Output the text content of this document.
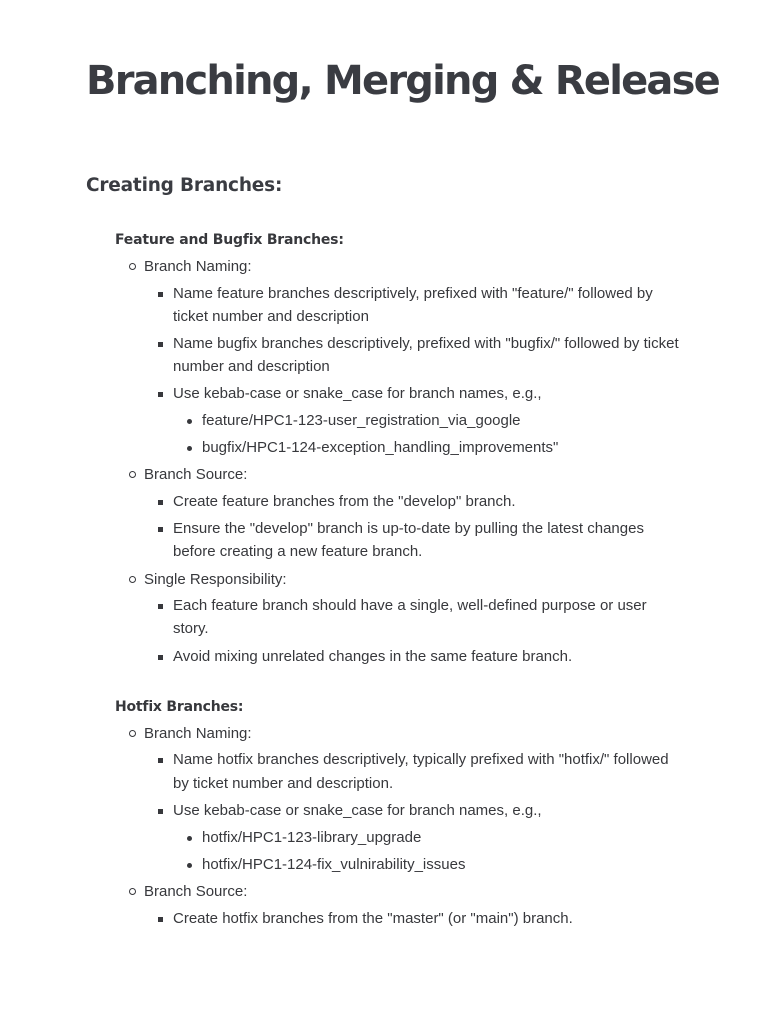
Branching, Merging & Release
Creating Branches:
Feature and Bugfix Branches:
Branch Naming:
Name feature branches descriptively, prefixed with "feature/" followed by
ticket number and description
Name bugfix branches descriptively, prefixed with "bugfix/" followed by ticket
number and description
Use kebab-case or snake_case for branch names, e.g.,
feature/HPC1-123-user_registration_via_google
bugfix/HPC1-124-exception_handling_improvements"
Branch Source:
Create feature branches from the "develop" branch.
Ensure the "develop" branch is up-to-date by pulling the latest changes
before creating a new feature branch.
Single Responsibility:
Each feature branch should have a single, well-defined purpose or user
story.
Avoid mixing unrelated changes in the same feature branch.
Hotfix Branches:
Branch Naming:
Name hotfix branches descriptively, typically prefixed with "hotfix/" followed
by ticket number and description.
Use kebab-case or snake_case for branch names, e.g.,
hotfix/HPC1-123-library_upgrade
hotfix/HPC1-124-fix_vulnirability_issues
Branch Source:
Create hotfix branches from the "master" (or "main") branch.
